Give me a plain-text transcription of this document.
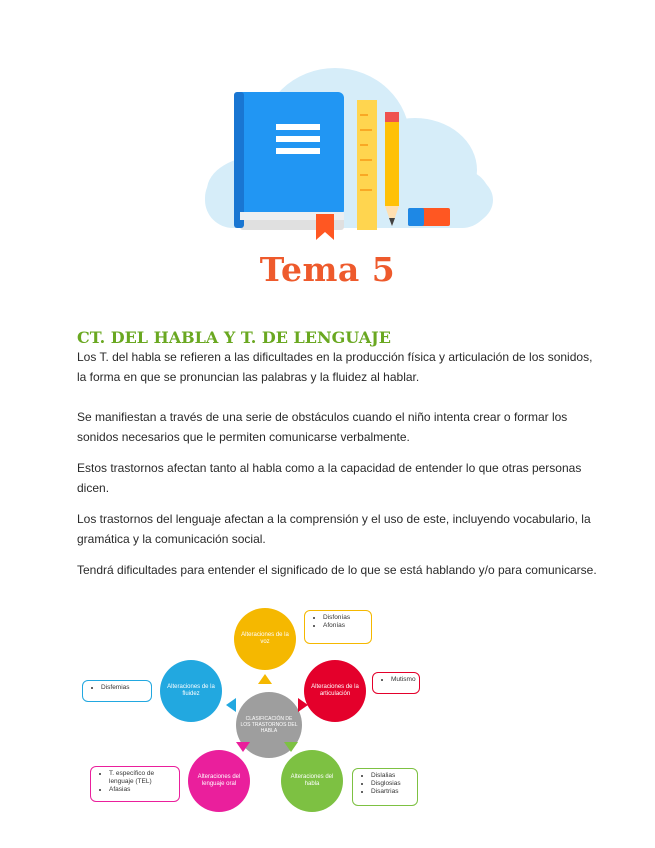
Tema 5
CT. DEL HABLA Y T. DE LENGUAJE

Los T. del habla se refieren a las dificultades en la producción física y articulación de los sonidos, la forma en que se pronuncian las palabras y la fluidez al hablar.

Se manifiestan a través de una serie de obstáculos cuando el niño intenta crear o formar los sonidos necesarios que le permiten comunicarse verbalmente.

Estos trastornos afectan tanto al habla como a la capacidad de entender lo que otras personas dicen.

Los trastornos del lenguaje afectan a la comprensión y el uso de este, incluyendo vocabulario, la gramática y la comunicación social.

Tendrá dificultades para entender el significado de lo que se está hablando y/o para comunicarse.

CLASIFICACIÓN DE LOS TRASTORNOS DEL HABLA
Alteraciones de la voz
Alteraciones de la articulación
Alteraciones del habla
Alteraciones del lenguaje oral
Alteraciones de la fluidez
• Disfonías
• Afonías
• Mutismo
• Dislalias
• Disglosias
• Disartrias
• T. específico de lenguaje (TEL)
• Afasias
• Disfemias
